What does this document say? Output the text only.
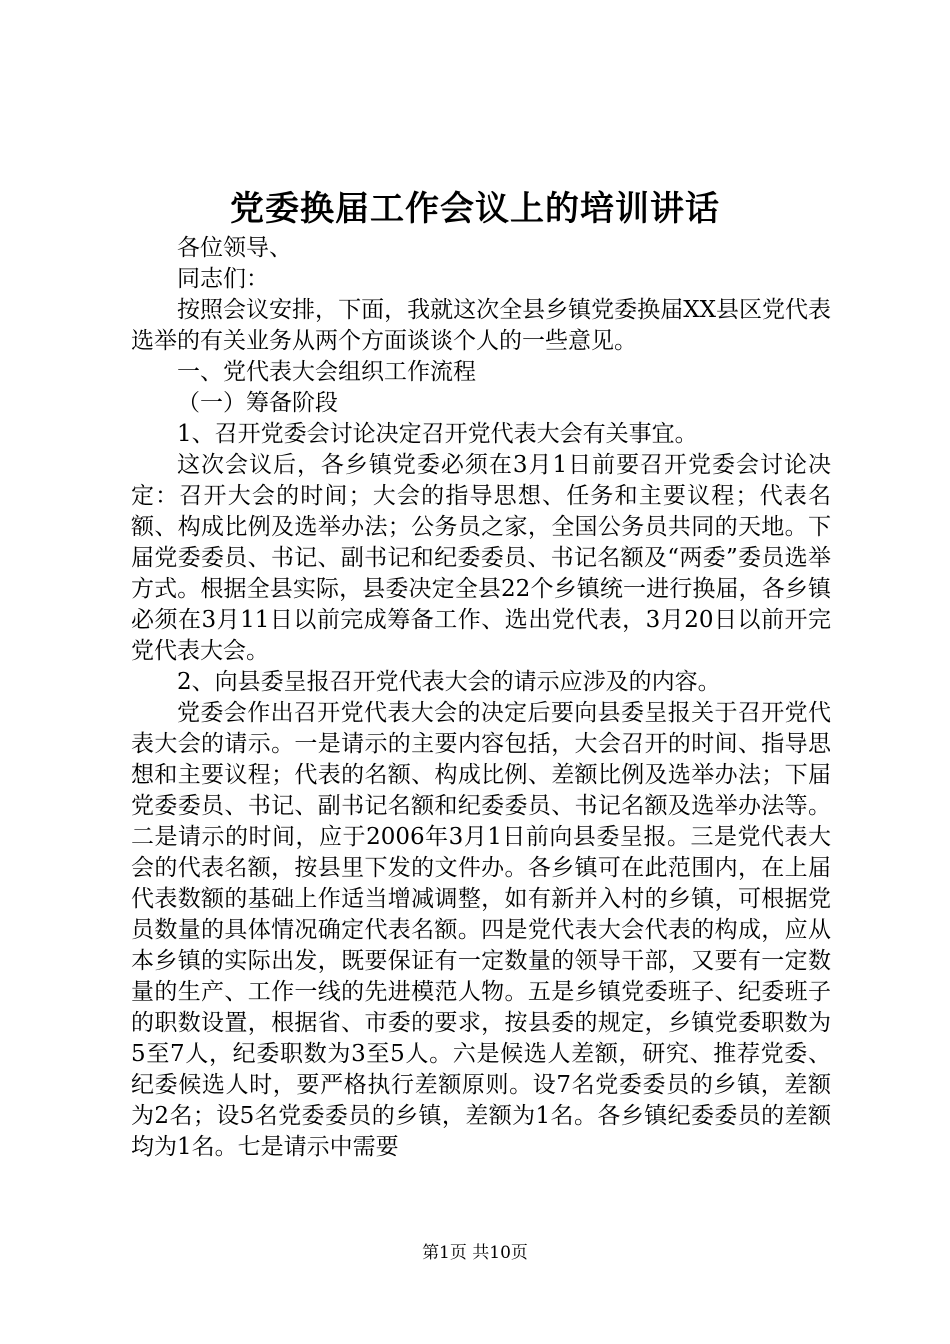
党委换届工作会议上的培训讲话

各位领导、

同志们：

按照会议安排，下面，我就这次全县乡镇党委换届XX县区党代表选举的有关业务从两个方面谈谈个人的一些意见。

一、党代表大会组织工作流程

（一）筹备阶段

1、召开党委会讨论决定召开党代表大会有关事宜。

这次会议后，各乡镇党委必须在3月1日前要召开党委会讨论决定：召开大会的时间；大会的指导思想、任务和主要议程；代表名额、构成比例及选举办法；公务员之家，全国公务员共同的天地。下届党委委员、书记、副书记和纪委委员、书记名额及“两委”委员选举方式。根据全县实际，县委决定全县22个乡镇统一进行换届，各乡镇必须在3月11日以前完成筹备工作、选出党代表，3月20日以前开完党代表大会。

2、向县委呈报召开党代表大会的请示应涉及的内容。

党委会作出召开党代表大会的决定后要向县委呈报关于召开党代表大会的请示。一是请示的主要内容包括，大会召开的时间、指导思想和主要议程；代表的名额、构成比例、差额比例及选举办法；下届党委委员、书记、副书记名额和纪委委员、书记名额及选举办法等。二是请示的时间，应于2006年3月1日前向县委呈报。三是党代表大会的代表名额，按县里下发的文件办。各乡镇可在此范围内，在上届代表数额的基础上作适当增减调整，如有新并入村的乡镇，可根据党员数量的具体情况确定代表名额。四是党代表大会代表的构成，应从本乡镇的实际出发，既要保证有一定数量的领导干部，又要有一定数量的生产、工作一线的先进模范人物。五是乡镇党委班子、纪委班子的职数设置，根据省、市委的要求，按县委的规定，乡镇党委职数为5至7人，纪委职数为3至5人。六是候选人差额，研究、推荐党委、纪委候选人时，要严格执行差额原则。设7名党委委员的乡镇，差额为2名；设5名党委委员的乡镇，差额为1名。各乡镇纪委委员的差额均为1名。七是请示中需要

第1页 共10页
